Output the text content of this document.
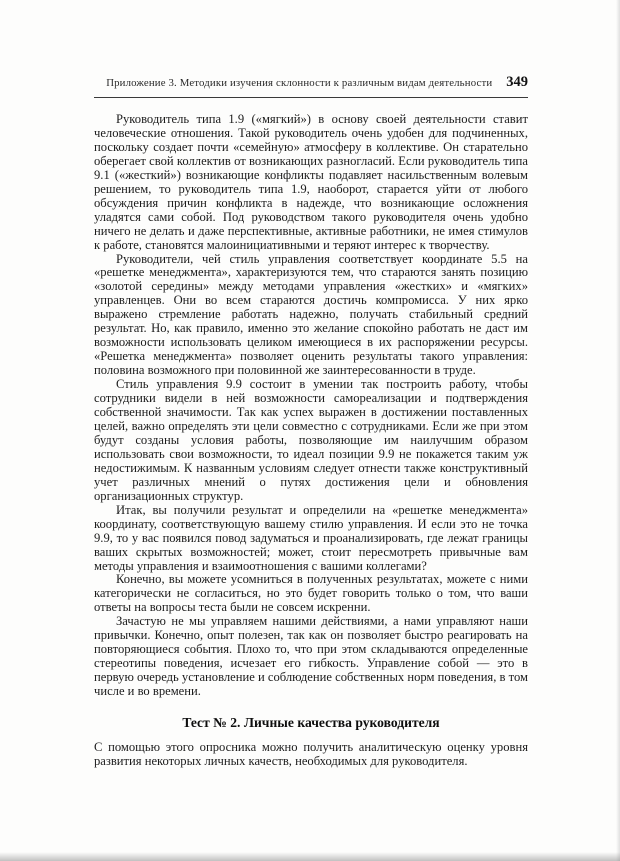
Приложение 3. Методики изучения склонности к различным видам деятельности 349

Руководитель типа 1.9 («мягкий») в основу своей деятельности ставит человеческие отношения. Такой руководитель очень удобен для подчиненных, поскольку создает почти «семейную» атмосферу в коллективе. Он старательно оберегает свой коллектив от возникающих разногласий. Если руководитель типа 9.1 («жесткий») возникающие конфликты подавляет насильственным волевым решением, то руководитель типа 1.9, наоборот, старается уйти от любого обсуждения причин конфликта в надежде, что возникающие осложнения уладятся сами собой. Под руководством такого руководителя очень удобно ничего не делать и даже перспективные, активные работники, не имея стимулов к работе, становятся малоинициативными и теряют интерес к творчеству.

Руководители, чей стиль управления соответствует координате 5.5 на «решетке менеджмента», характеризуются тем, что стараются занять позицию «золотой середины» между методами управления «жестких» и «мягких» управленцев. Они во всем стараются достичь компромисса. У них ярко выражено стремление работать надежно, получать стабильный средний результат. Но, как правило, именно это желание спокойно работать не даст им возможности использовать целиком имеющиеся в их распоряжении ресурсы. «Решетка менеджмента» позволяет оценить результаты такого управления: половина возможного при половинной же заинтересованности в труде.

Стиль управления 9.9 состоит в умении так построить работу, чтобы сотрудники видели в ней возможности самореализации и подтверждения собственной значимости. Так как успех выражен в достижении поставленных целей, важно определять эти цели совместно с сотрудниками. Если же при этом будут созданы условия работы, позволяющие им наилучшим образом использовать свои возможности, то идеал позиции 9.9 не покажется таким уж недостижимым. К названным условиям следует отнести также конструктивный учет различных мнений о путях достижения цели и обновления организационных структур.

Итак, вы получили результат и определили на «решетке менеджмента» координату, соответствующую вашему стилю управления. И если это не точка 9.9, то у вас появился повод задуматься и проанализировать, где лежат границы ваших скрытых возможностей; может, стоит пересмотреть привычные вам методы управления и взаимоотношения с вашими коллегами?

Конечно, вы можете усомниться в полученных результатах, можете с ними категорически не согласиться, но это будет говорить только о том, что ваши ответы на вопросы теста были не совсем искренни.

Зачастую не мы управляем нашими действиями, а нами управляют наши привычки. Конечно, опыт полезен, так как он позволяет быстро реагировать на повторяющиеся события. Плохо то, что при этом складываются определенные стереотипы поведения, исчезает его гибкость. Управление собой — это в первую очередь установление и соблюдение собственных норм поведения, в том числе и во времени.

Тест № 2. Личные качества руководителя

С помощью этого опросника можно получить аналитическую оценку уровня развития некоторых личных качеств, необходимых для руководителя.
